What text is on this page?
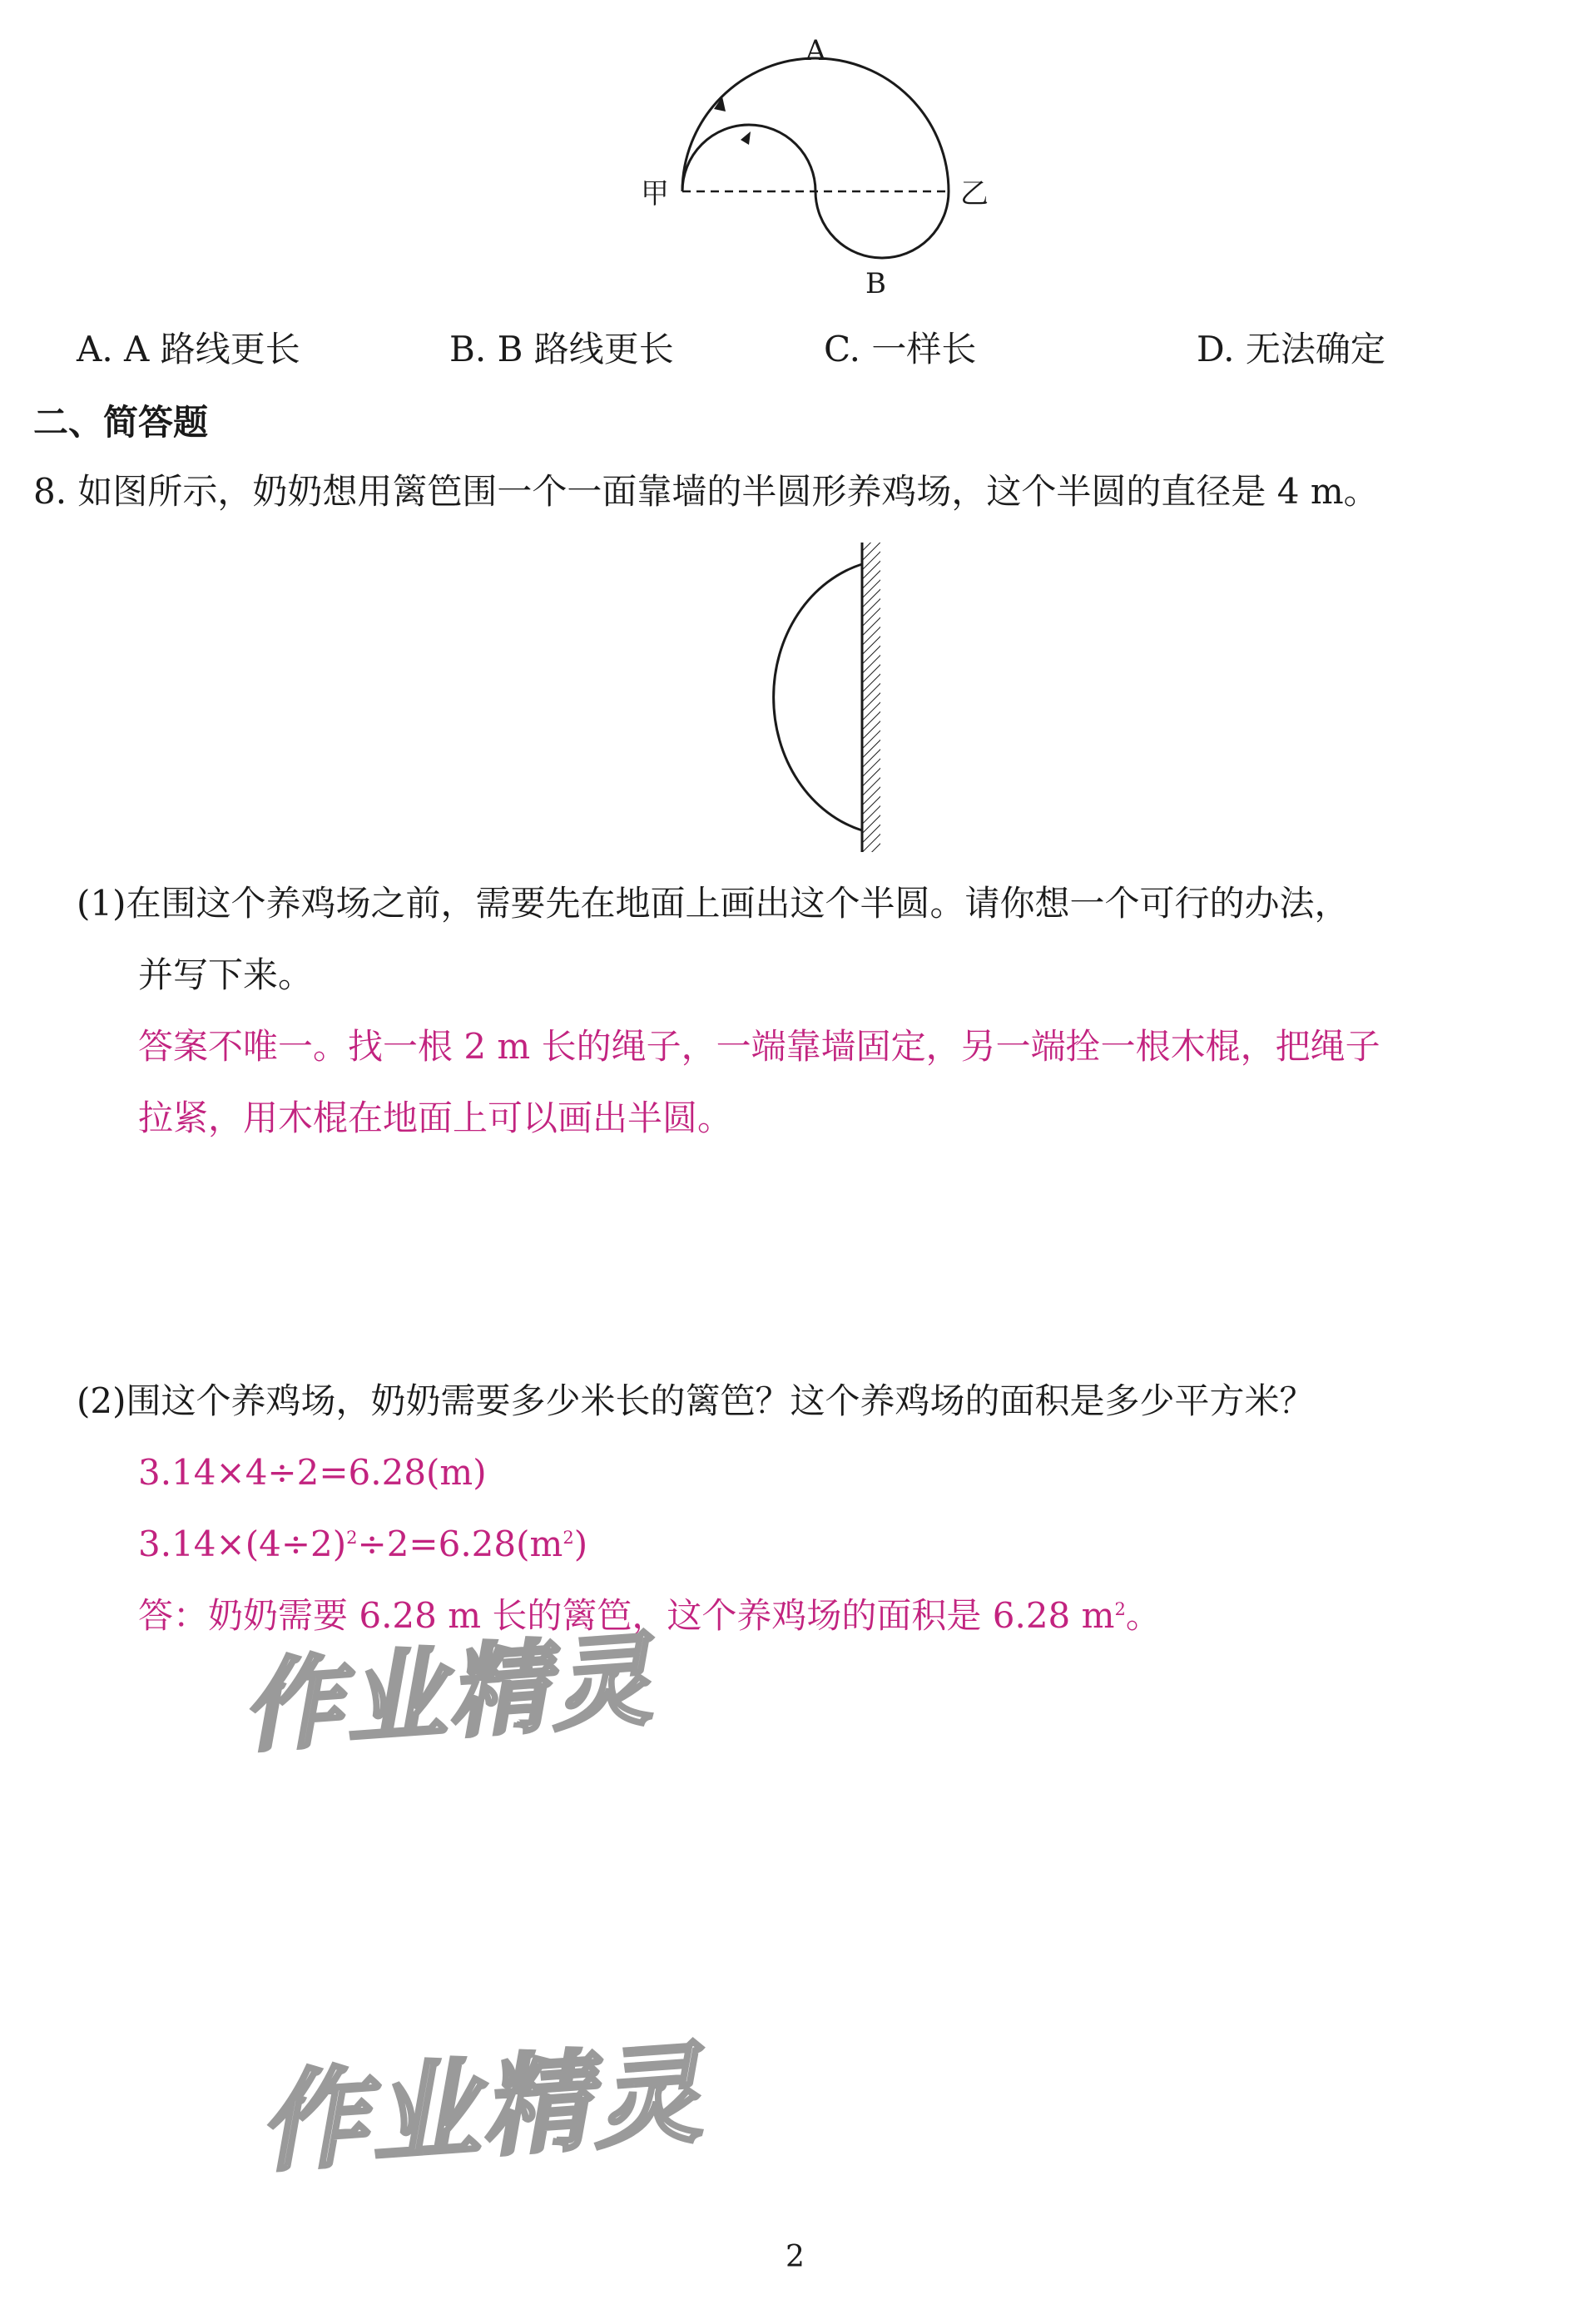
A
B
甲	乙
A. A 路线更长	B. B 路线更长	C. 一样长	D. 无法确定
二、简答题
8. 如图所示，奶奶想用篱笆围一个一面靠墙的半圆形养鸡场，这个半圆的直径是 4 m。
(1)在围这个养鸡场之前，需要先在地面上画出这个半圆。请你想一个可行的办法，
并写下来。
答案不唯一。找一根 2 m 长的绳子，一端靠墙固定，另一端拴一根木棍，把绳子
拉紧，用木棍在地面上可以画出半圆。
(2)围这个养鸡场，奶奶需要多少米长的篱笆？这个养鸡场的面积是多少平方米？
3.14×4÷2=6.28(m)
$3.14\times(4\div 2)^2\div 2=6.28(m^2)$
答：奶奶需要 6.28 m 长的篱笆，这个养鸡场的面积是 6.28 $m^2$。
作业精灵
作业精灵
2
